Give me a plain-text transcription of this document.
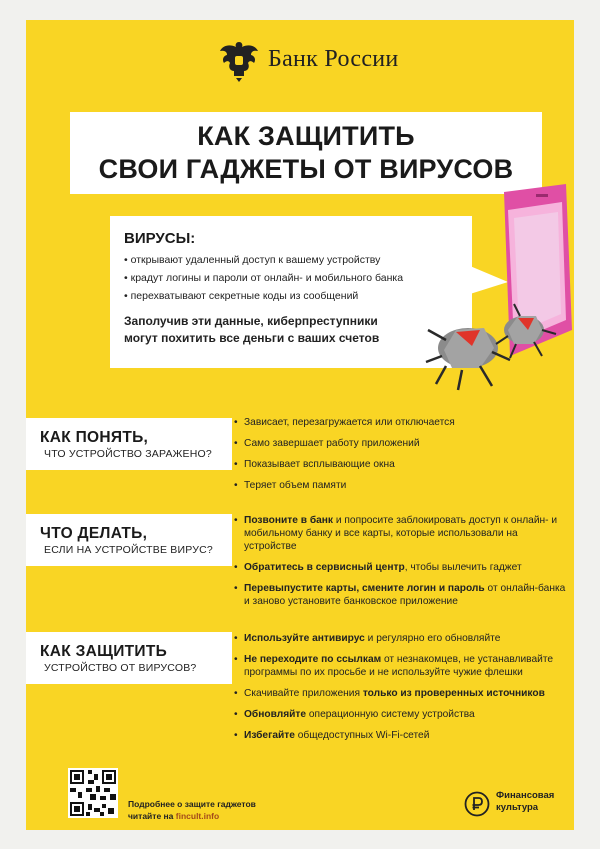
Банк России
КАК ЗАЩИТИТЬ
СВОИ ГАДЖЕТЫ ОТ ВИРУСОВ
ВИРУСЫ:
• открывают удаленный доступ к вашему устройству
• крадут логины и пароли от онлайн- и мобильного банка
• перехватывают секретные коды из сообщений
Заполучив эти данные, киберпреступники
могут похитить все деньги с ваших счетов
КАК ПОНЯТЬ,
ЧТО УСТРОЙСТВО ЗАРАЖЕНО?
• Зависает, перезагружается или отключается
• Само завершает работу приложений
• Показывает всплывающие окна
• Теряет объем памяти
ЧТО ДЕЛАТЬ,
ЕСЛИ НА УСТРОЙСТВЕ ВИРУС?
• Позвоните в банк и попросите заблокировать доступ к онлайн- и мобильному банку и все карты, которые использовали на устройстве
• Обратитесь в сервисный центр, чтобы вылечить гаджет
• Перевыпустите карты, смените логин и пароль от онлайн-банка и заново установите банковское приложение
КАК ЗАЩИТИТЬ
УСТРОЙСТВО ОТ ВИРУСОВ?
• Используйте антивирус и регулярно его обновляйте
• Не переходите по ссылкам от незнакомцев, не устанавливайте программы по их просьбе и не используйте чужие флешки
• Скачивайте приложения только из проверенных источников
• Обновляйте операционную систему устройства
• Избегайте общедоступных Wi-Fi-сетей
Подробнее о защите гаджетов
читайте на fincult.info
Финансовая
культура
